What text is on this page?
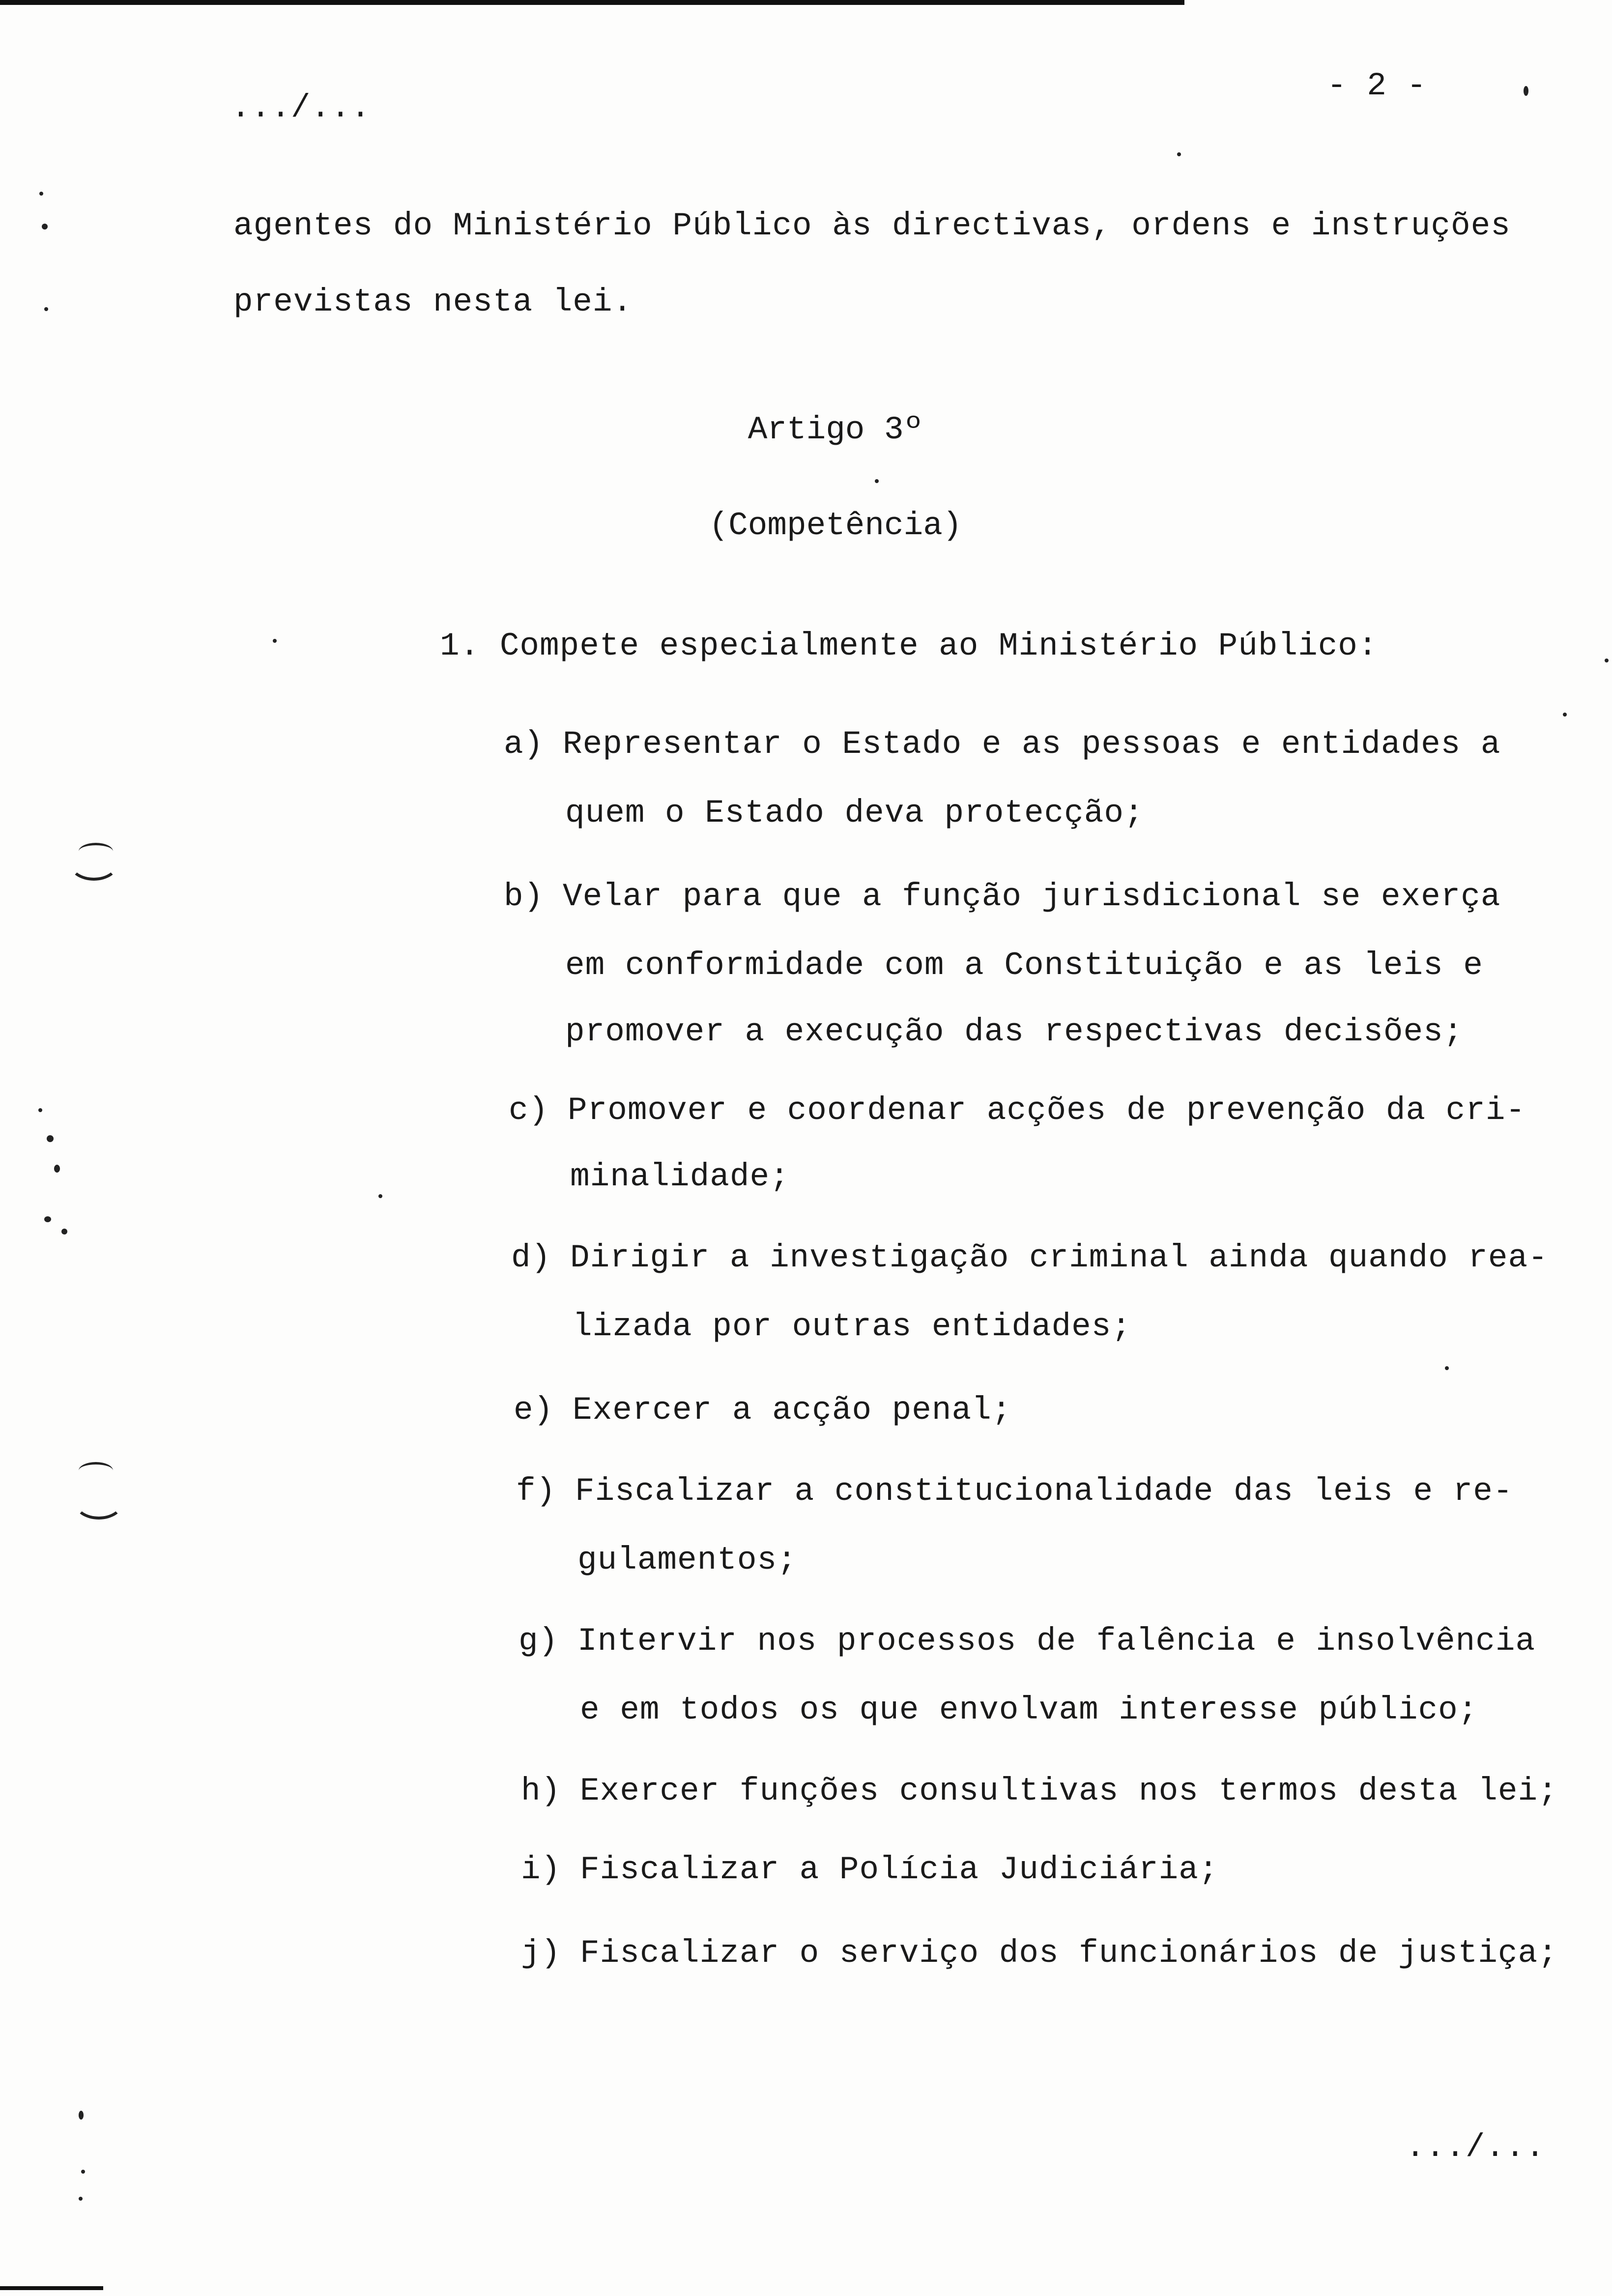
.../...
- 2 -
agentes do Ministério Público às directivas, ordens e instruções
previstas nesta lei.
Artigo 3º
(Competência)
1. Compete especialmente ao Ministério Público:
a) Representar o Estado e as pessoas e entidades a
quem o Estado deva protecção;
b) Velar para que a função jurisdicional se exerça
em conformidade com a Constituição e as leis e
promover a execução das respectivas decisões;
c) Promover e coordenar acções de prevenção da cri-
minalidade;
d) Dirigir a investigação criminal ainda quando rea-
lizada por outras entidades;
e) Exercer a acção penal;
f) Fiscalizar a constitucionalidade das leis e re-
gulamentos;
g) Intervir nos processos de falência e insolvência
e em todos os que envolvam interesse público;
h) Exercer funções consultivas nos termos desta lei;
i) Fiscalizar a Polícia Judiciária;
j) Fiscalizar o serviço dos funcionários de justiça;
.../...
